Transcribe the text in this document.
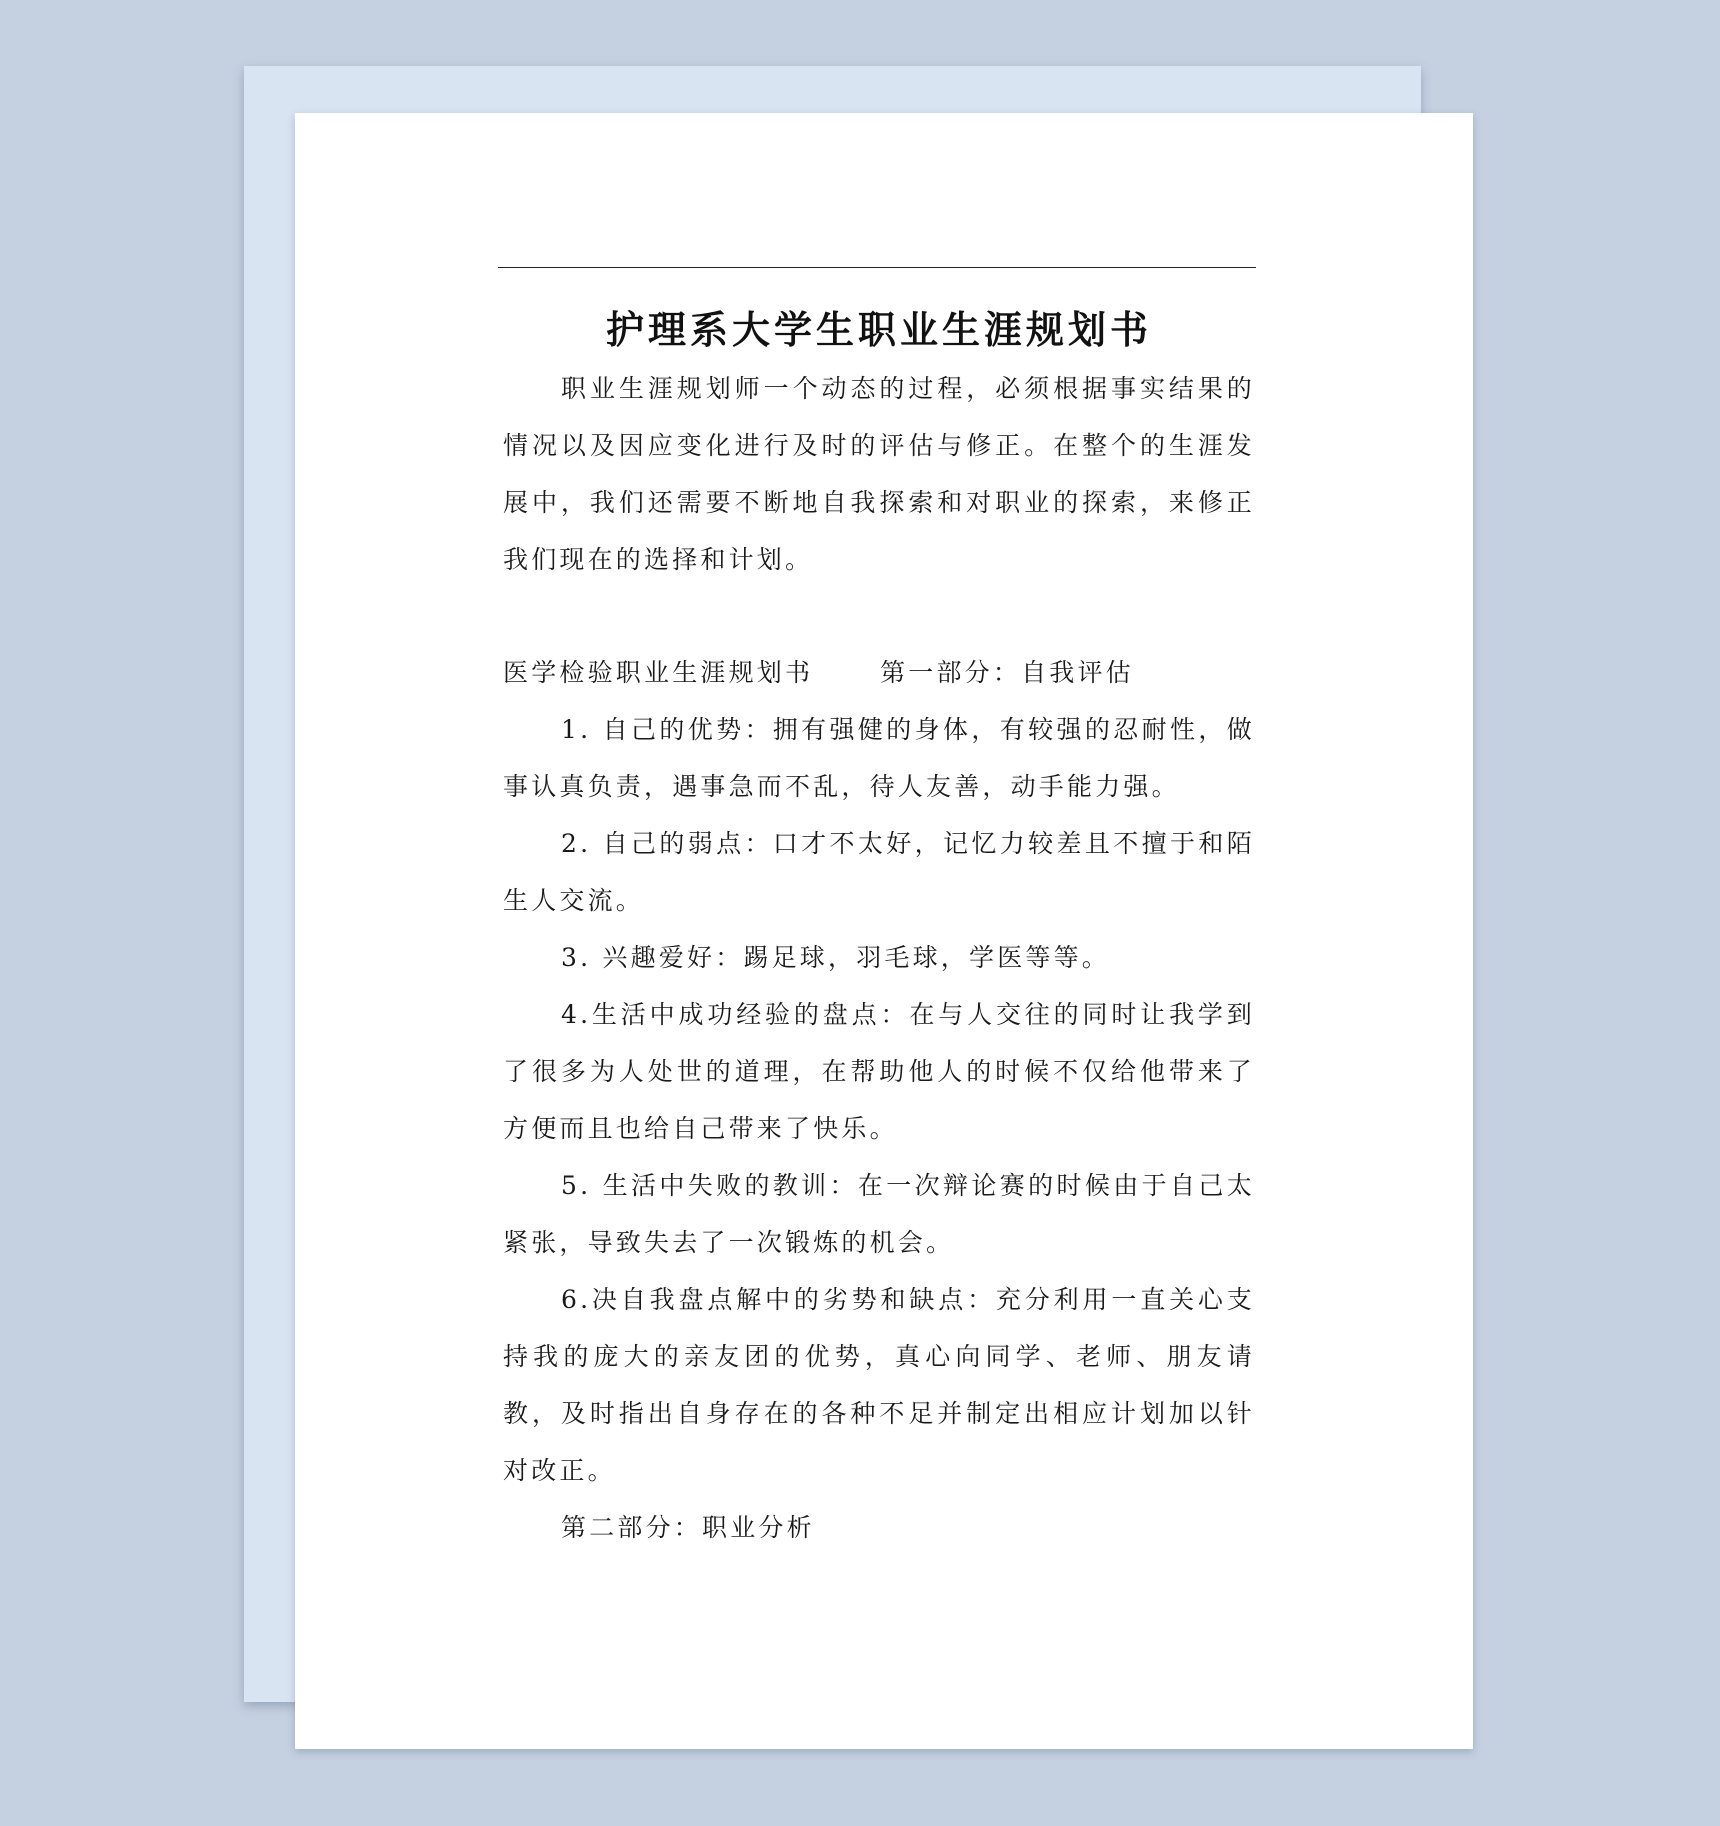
护理系大学生职业生涯规划书

职业生涯规划师一个动态的过程，必须根据事实结果的情况以及因应变化进行及时的评估与修正。在整个的生涯发展中，我们还需要不断地自我探索和对职业的探索，来修正我们现在的选择和计划。

医学检验职业生涯规划书      第一部分：自我评估

1. 自己的优势：拥有强健的身体，有较强的忍耐性，做事认真负责，遇事急而不乱，待人友善，动手能力强。

2. 自己的弱点：口才不太好，记忆力较差且不擅于和陌生人交流。

3. 兴趣爱好：踢足球，羽毛球，学医等等。

4.生活中成功经验的盘点：在与人交往的同时让我学到了很多为人处世的道理，在帮助他人的时候不仅给他带来了方便而且也给自己带来了快乐。

5. 生活中失败的教训：在一次辩论赛的时候由于自己太紧张，导致失去了一次锻炼的机会。

6.决自我盘点解中的劣势和缺点：充分利用一直关心支持我的庞大的亲友团的优势，真心向同学、老师、朋友请教，及时指出自身存在的各种不足并制定出相应计划加以针对改正。

第二部分：职业分析
